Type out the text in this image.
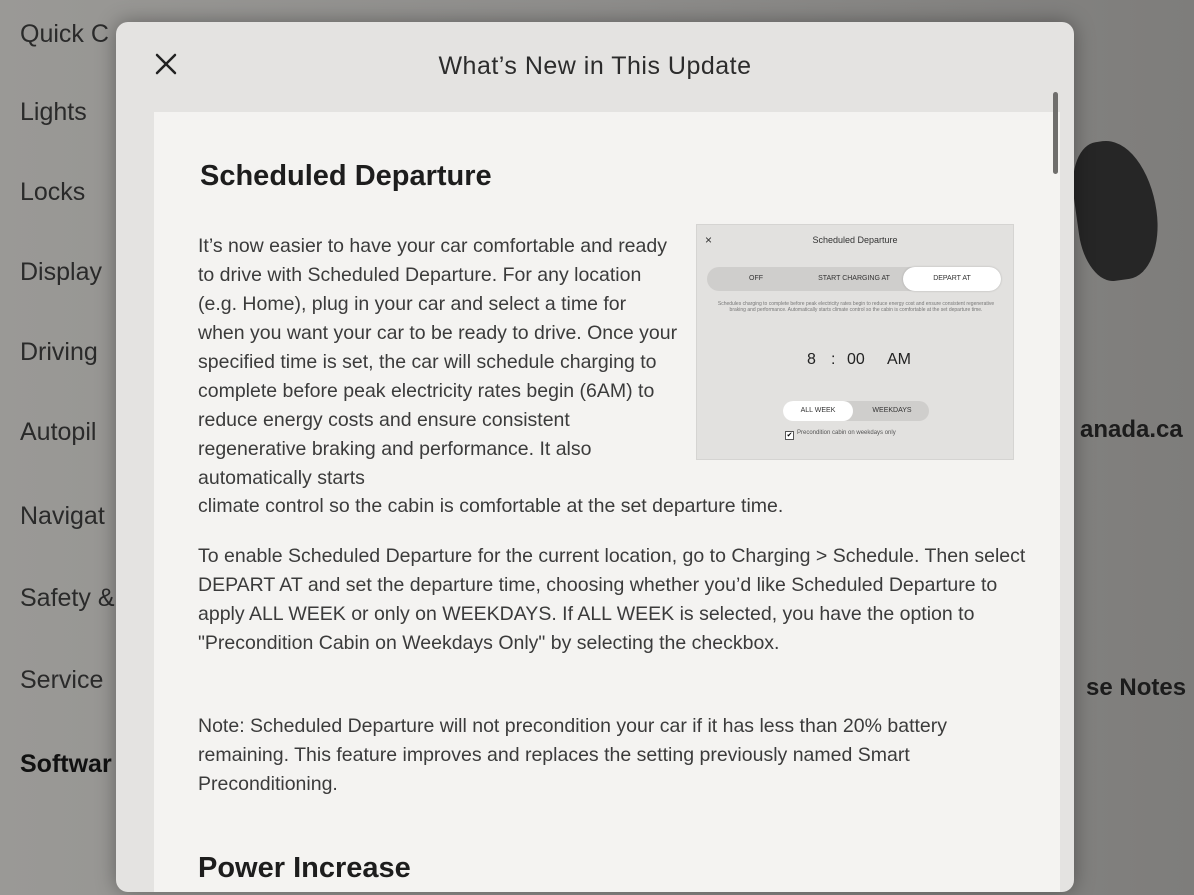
Quick C
Lights
Locks
Display
Driving
Autopil
Navigat
Safety &
Service
Softwar
anada.ca
se Notes
What’s New in This Update
Scheduled Departure

It’s now easier to have your car comfortable and ready to drive with Scheduled Departure. For any location (e.g. Home), plug in your car and select a time for when you want your car to be ready to drive. Once your specified time is set, the car will schedule charging to complete before peak electricity rates begin (6AM) to reduce energy costs and ensure consistent regenerative braking and performance. It also automatically starts

climate control so the cabin is comfortable at the set departure time.

×	Scheduled Departure
OFF	START CHARGING AT	DEPART AT
Schedules charging to complete before peak electricity rates begin to reduce energy cost and ensure consistent regenerative braking and performance. Automatically starts climate control so the cabin is comfortable at the set departure time.
8 : 00 AM
ALL WEEK	WEEKDAYS
✔ Precondition cabin on weekdays only

To enable Scheduled Departure for the current location, go to Charging > Schedule. Then select DEPART AT and set the departure time, choosing whether you’d like Scheduled Departure to apply ALL WEEK or only on WEEKDAYS. If ALL WEEK is selected, you have the option to "Precondition Cabin on Weekdays Only" by selecting the checkbox.

Note: Scheduled Departure will not precondition your car if it has less than 20% battery remaining. This feature improves and replaces the setting previously named Smart Preconditioning.

Power Increase
